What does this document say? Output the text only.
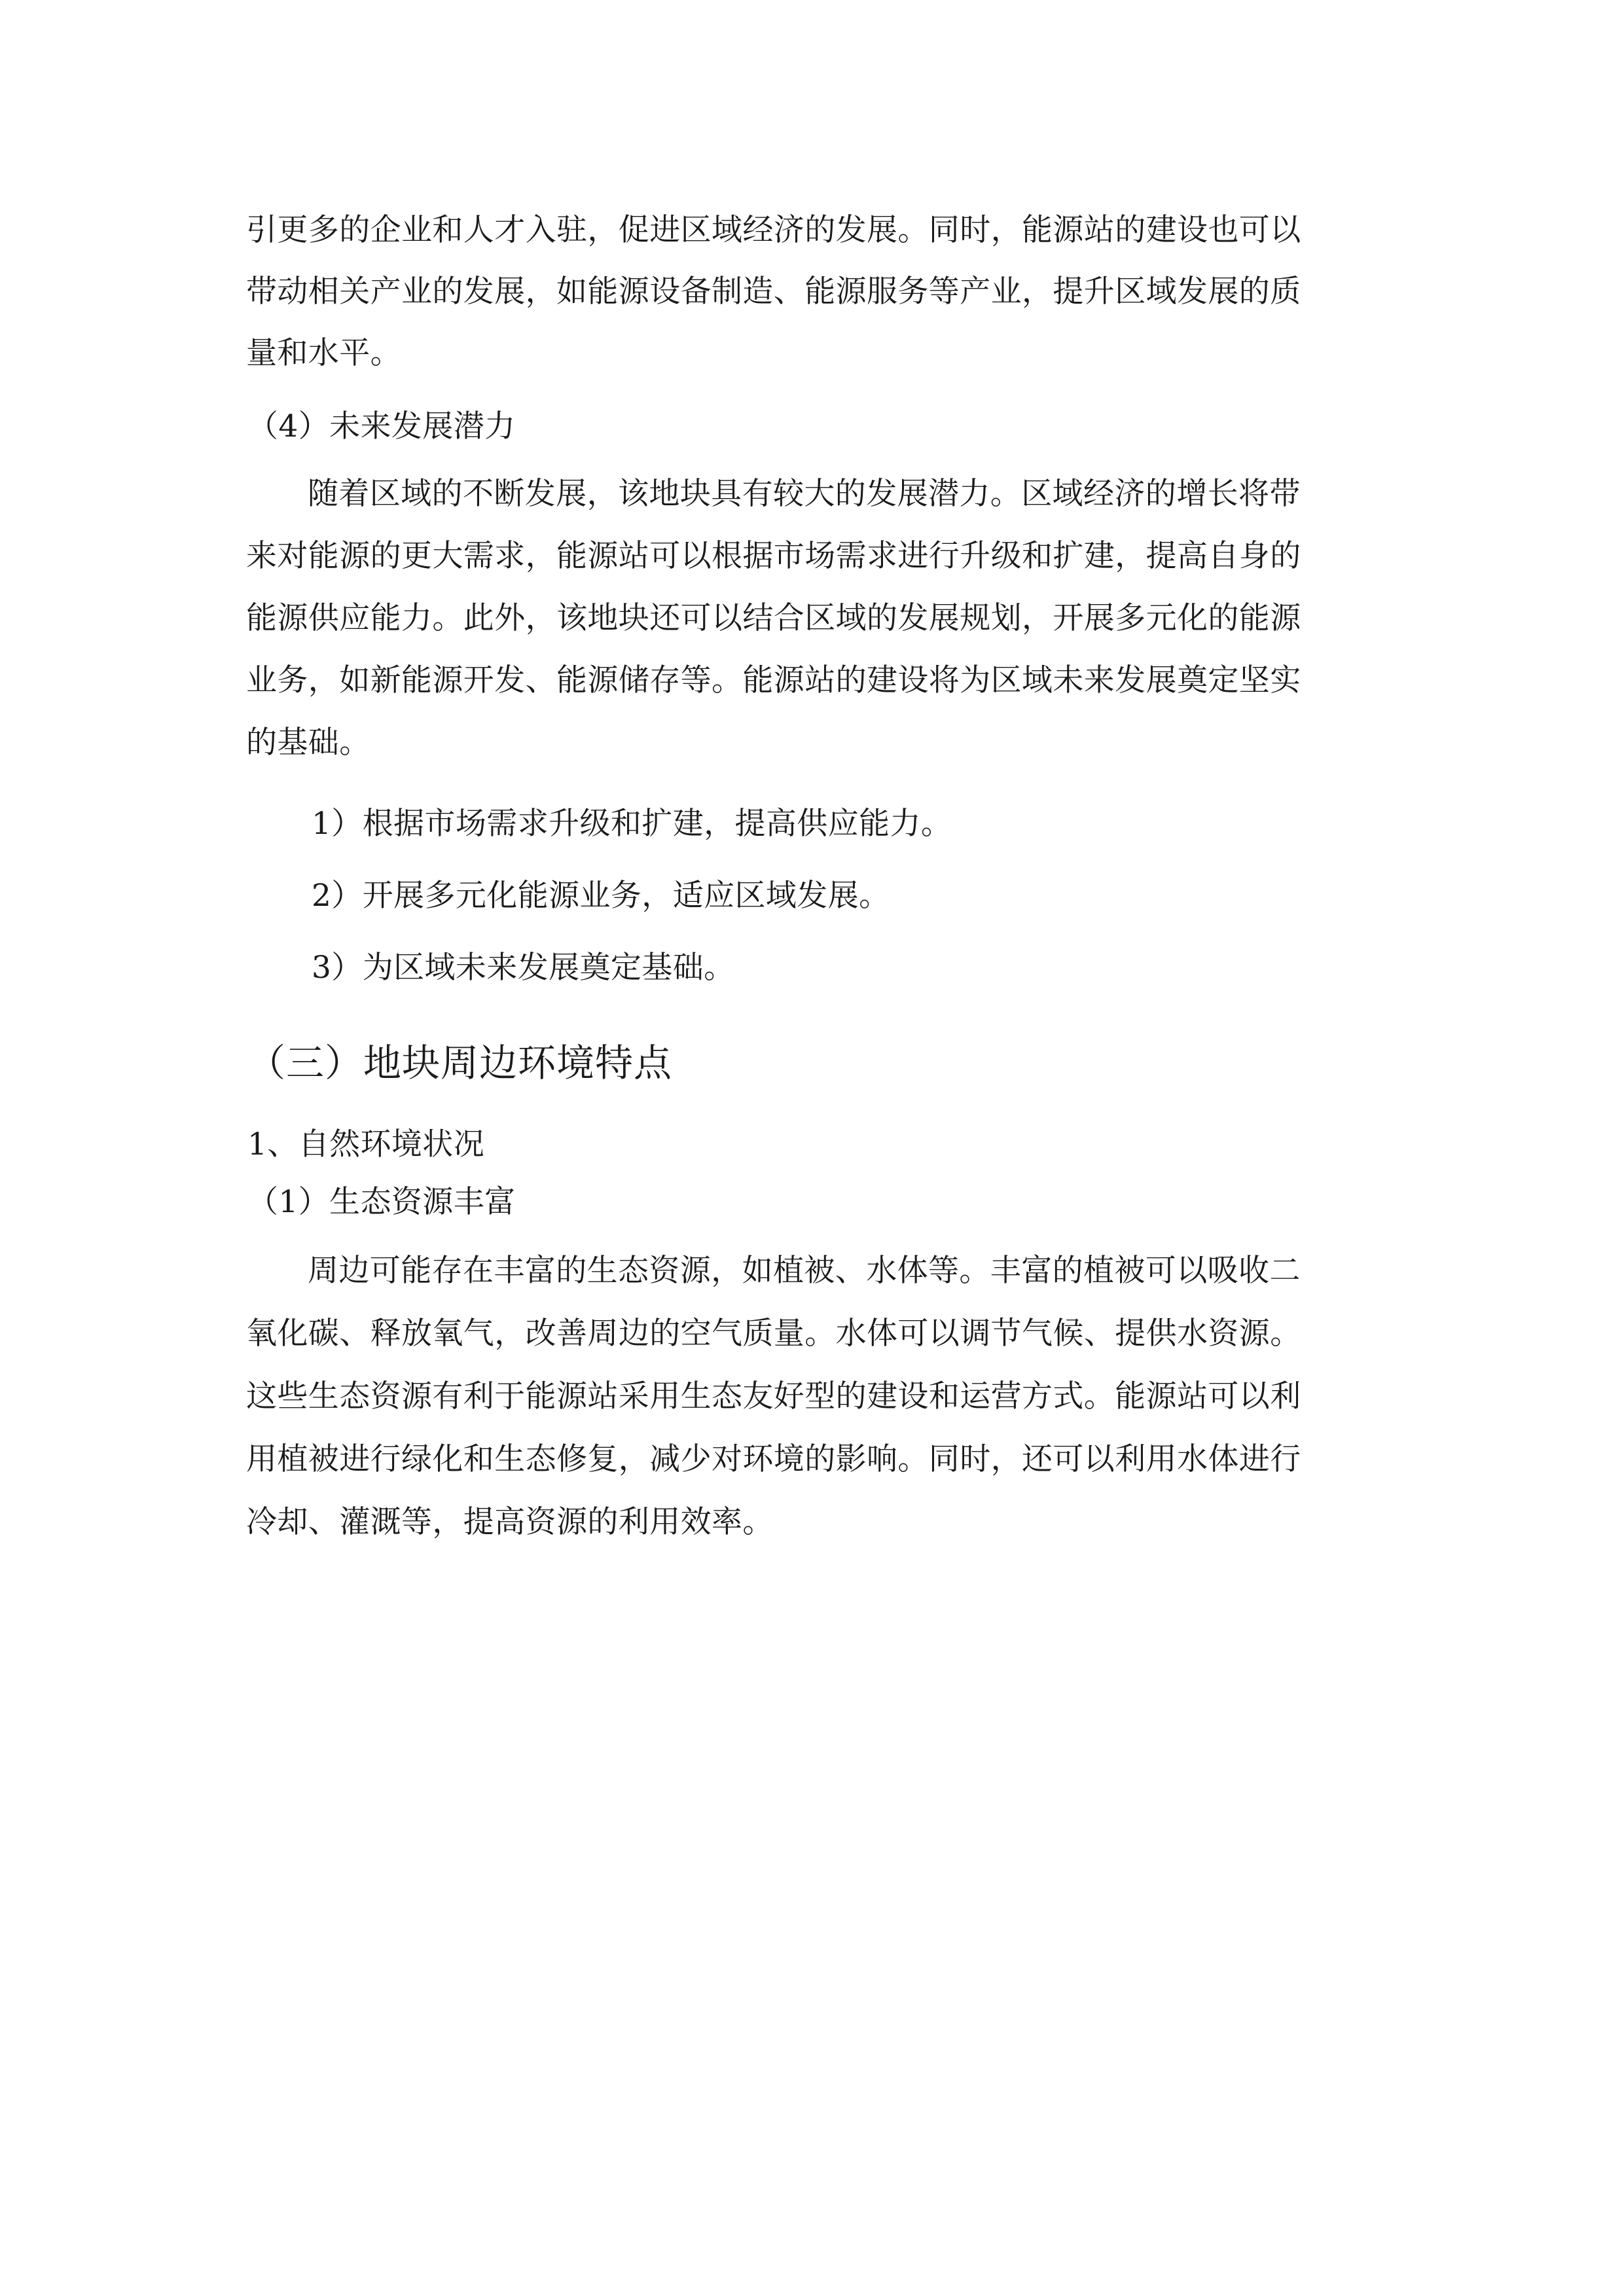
引更多的企业和人才入驻，促进区域经济的发展。同时，能源站的建设也可以
带动相关产业的发展，如能源设备制造、能源服务等产业，提升区域发展的质
量和水平。
（4）未来发展潜力
随着区域的不断发展，该地块具有较大的发展潜力。区域经济的增长将带
来对能源的更大需求，能源站可以根据市场需求进行升级和扩建，提高自身的
能源供应能力。此外，该地块还可以结合区域的发展规划，开展多元化的能源
业务，如新能源开发、能源储存等。能源站的建设将为区域未来发展奠定坚实
的基础。
1）根据市场需求升级和扩建，提高供应能力。
2）开展多元化能源业务，适应区域发展。
3）为区域未来发展奠定基础。
（三）地块周边环境特点
1、自然环境状况
（1）生态资源丰富
周边可能存在丰富的生态资源，如植被、水体等。丰富的植被可以吸收二
氧化碳、释放氧气，改善周边的空气质量。水体可以调节气候、提供水资源。
这些生态资源有利于能源站采用生态友好型的建设和运营方式。能源站可以利
用植被进行绿化和生态修复，减少对环境的影响。同时，还可以利用水体进行
冷却、灌溉等，提高资源的利用效率。
